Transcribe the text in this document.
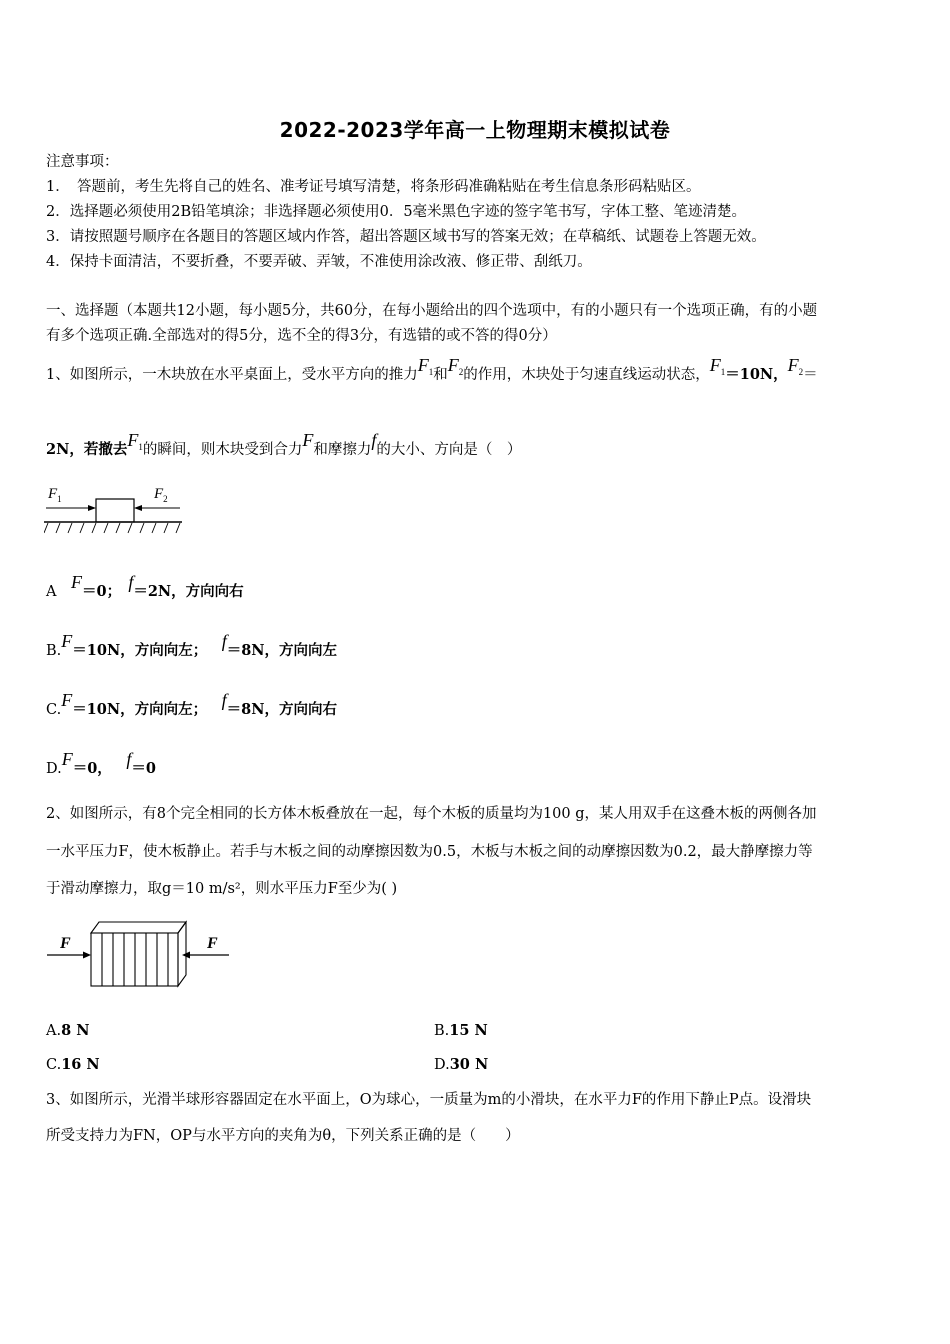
2022-2023学年高一上物理期末模拟试卷
注意事项：
1．　答题前，考生先将自己的姓名、准考证号填写清楚，将条形码准确粘贴在考生信息条形码粘贴区。
2．选择题必须使用2B铅笔填涂；非选择题必须使用0．5毫米黑色字迹的签字笔书写，字体工整、笔迹清楚。
3．请按照题号顺序在各题目的答题区域内作答，超出答题区域书写的答案无效；在草稿纸、试题卷上答题无效。
4．保持卡面清洁，不要折叠，不要弄破、弄皱，不准使用涂改液、修正带、刮纸刀。
一、选择题（本题共12小题，每小题5分，共60分，在每小题给出的四个选项中，有的小题只有一个选项正确，有的小题
有多个选项正确.全部选对的得5分，选不全的得3分，有选错的或不答的得0分）
1、如图所示，一木块放在水平桌面上，受水平方向的推力$F_1$和$F_2$的作用，木块处于匀速直线运动状态，$F_1=10N$，$F_2=$
2N，若撤去$F_1$的瞬间，则木块受到合力F和摩擦力f的大小、方向是（　）
$F_1$	$F_2$
A  F＝0；  f＝2N，方向向右
B.F＝10N，方向向左；  f＝8N，方向向左
C.F＝10N，方向向左；  f＝8N，方向向右
D.F＝0，  f＝0
2、如图所示，有8个完全相同的长方体木板叠放在一起，每个木板的质量均为100 g，某人用双手在这叠木板的两侧各加
一水平压力F，使木板静止。若手与木板之间的动摩擦因数为0.5，木板与木板之间的动摩擦因数为0.2，最大静摩擦力等
于滑动摩擦力，取g＝10 m/s²，则水平压力F至少为( )
F	F
A.8 N	B.15 N
C.16 N	D.30 N
3、如图所示，光滑半球形容器固定在水平面上，O为球心，一质量为m的小滑块，在水平力F的作用下静止P点。设滑块
所受支持力为FN，OP与水平方向的夹角为θ，下列关系正确的是（　　）
